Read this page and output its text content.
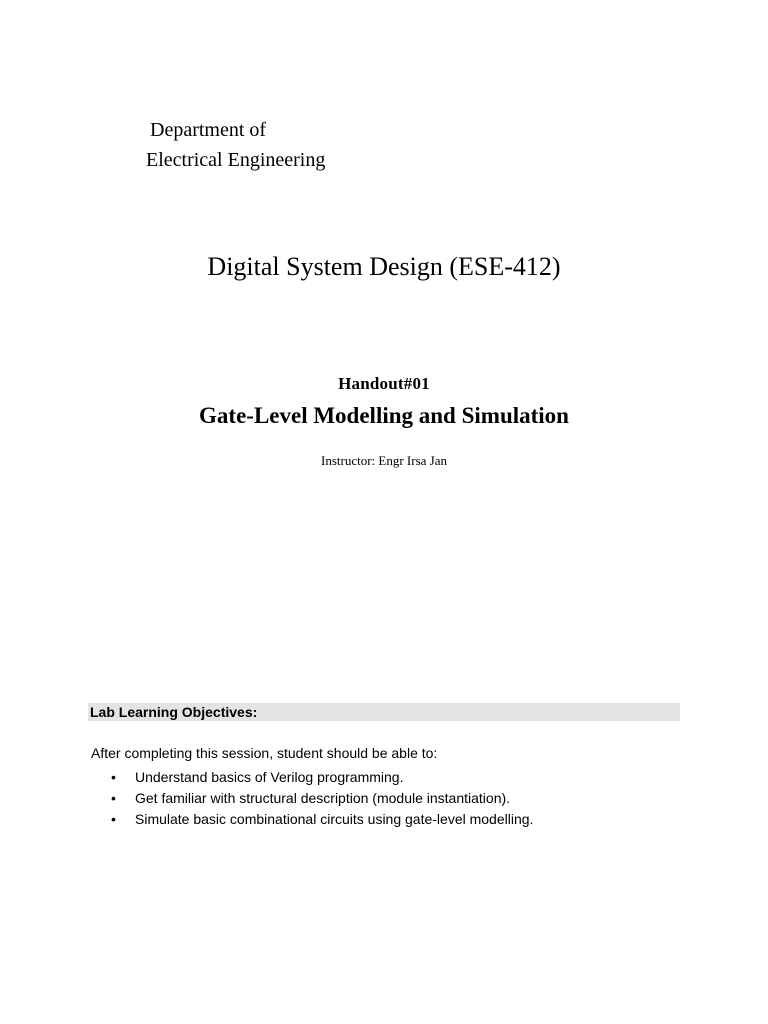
Department of
Electrical Engineering
Digital System Design (ESE-412)
Handout#01
Gate-Level Modelling and Simulation
Instructor: Engr Irsa Jan
Lab Learning Objectives:
After completing this session, student should be able to:
• Understand basics of Verilog programming.
• Get familiar with structural description (module instantiation).
• Simulate basic combinational circuits using gate-level modelling.
